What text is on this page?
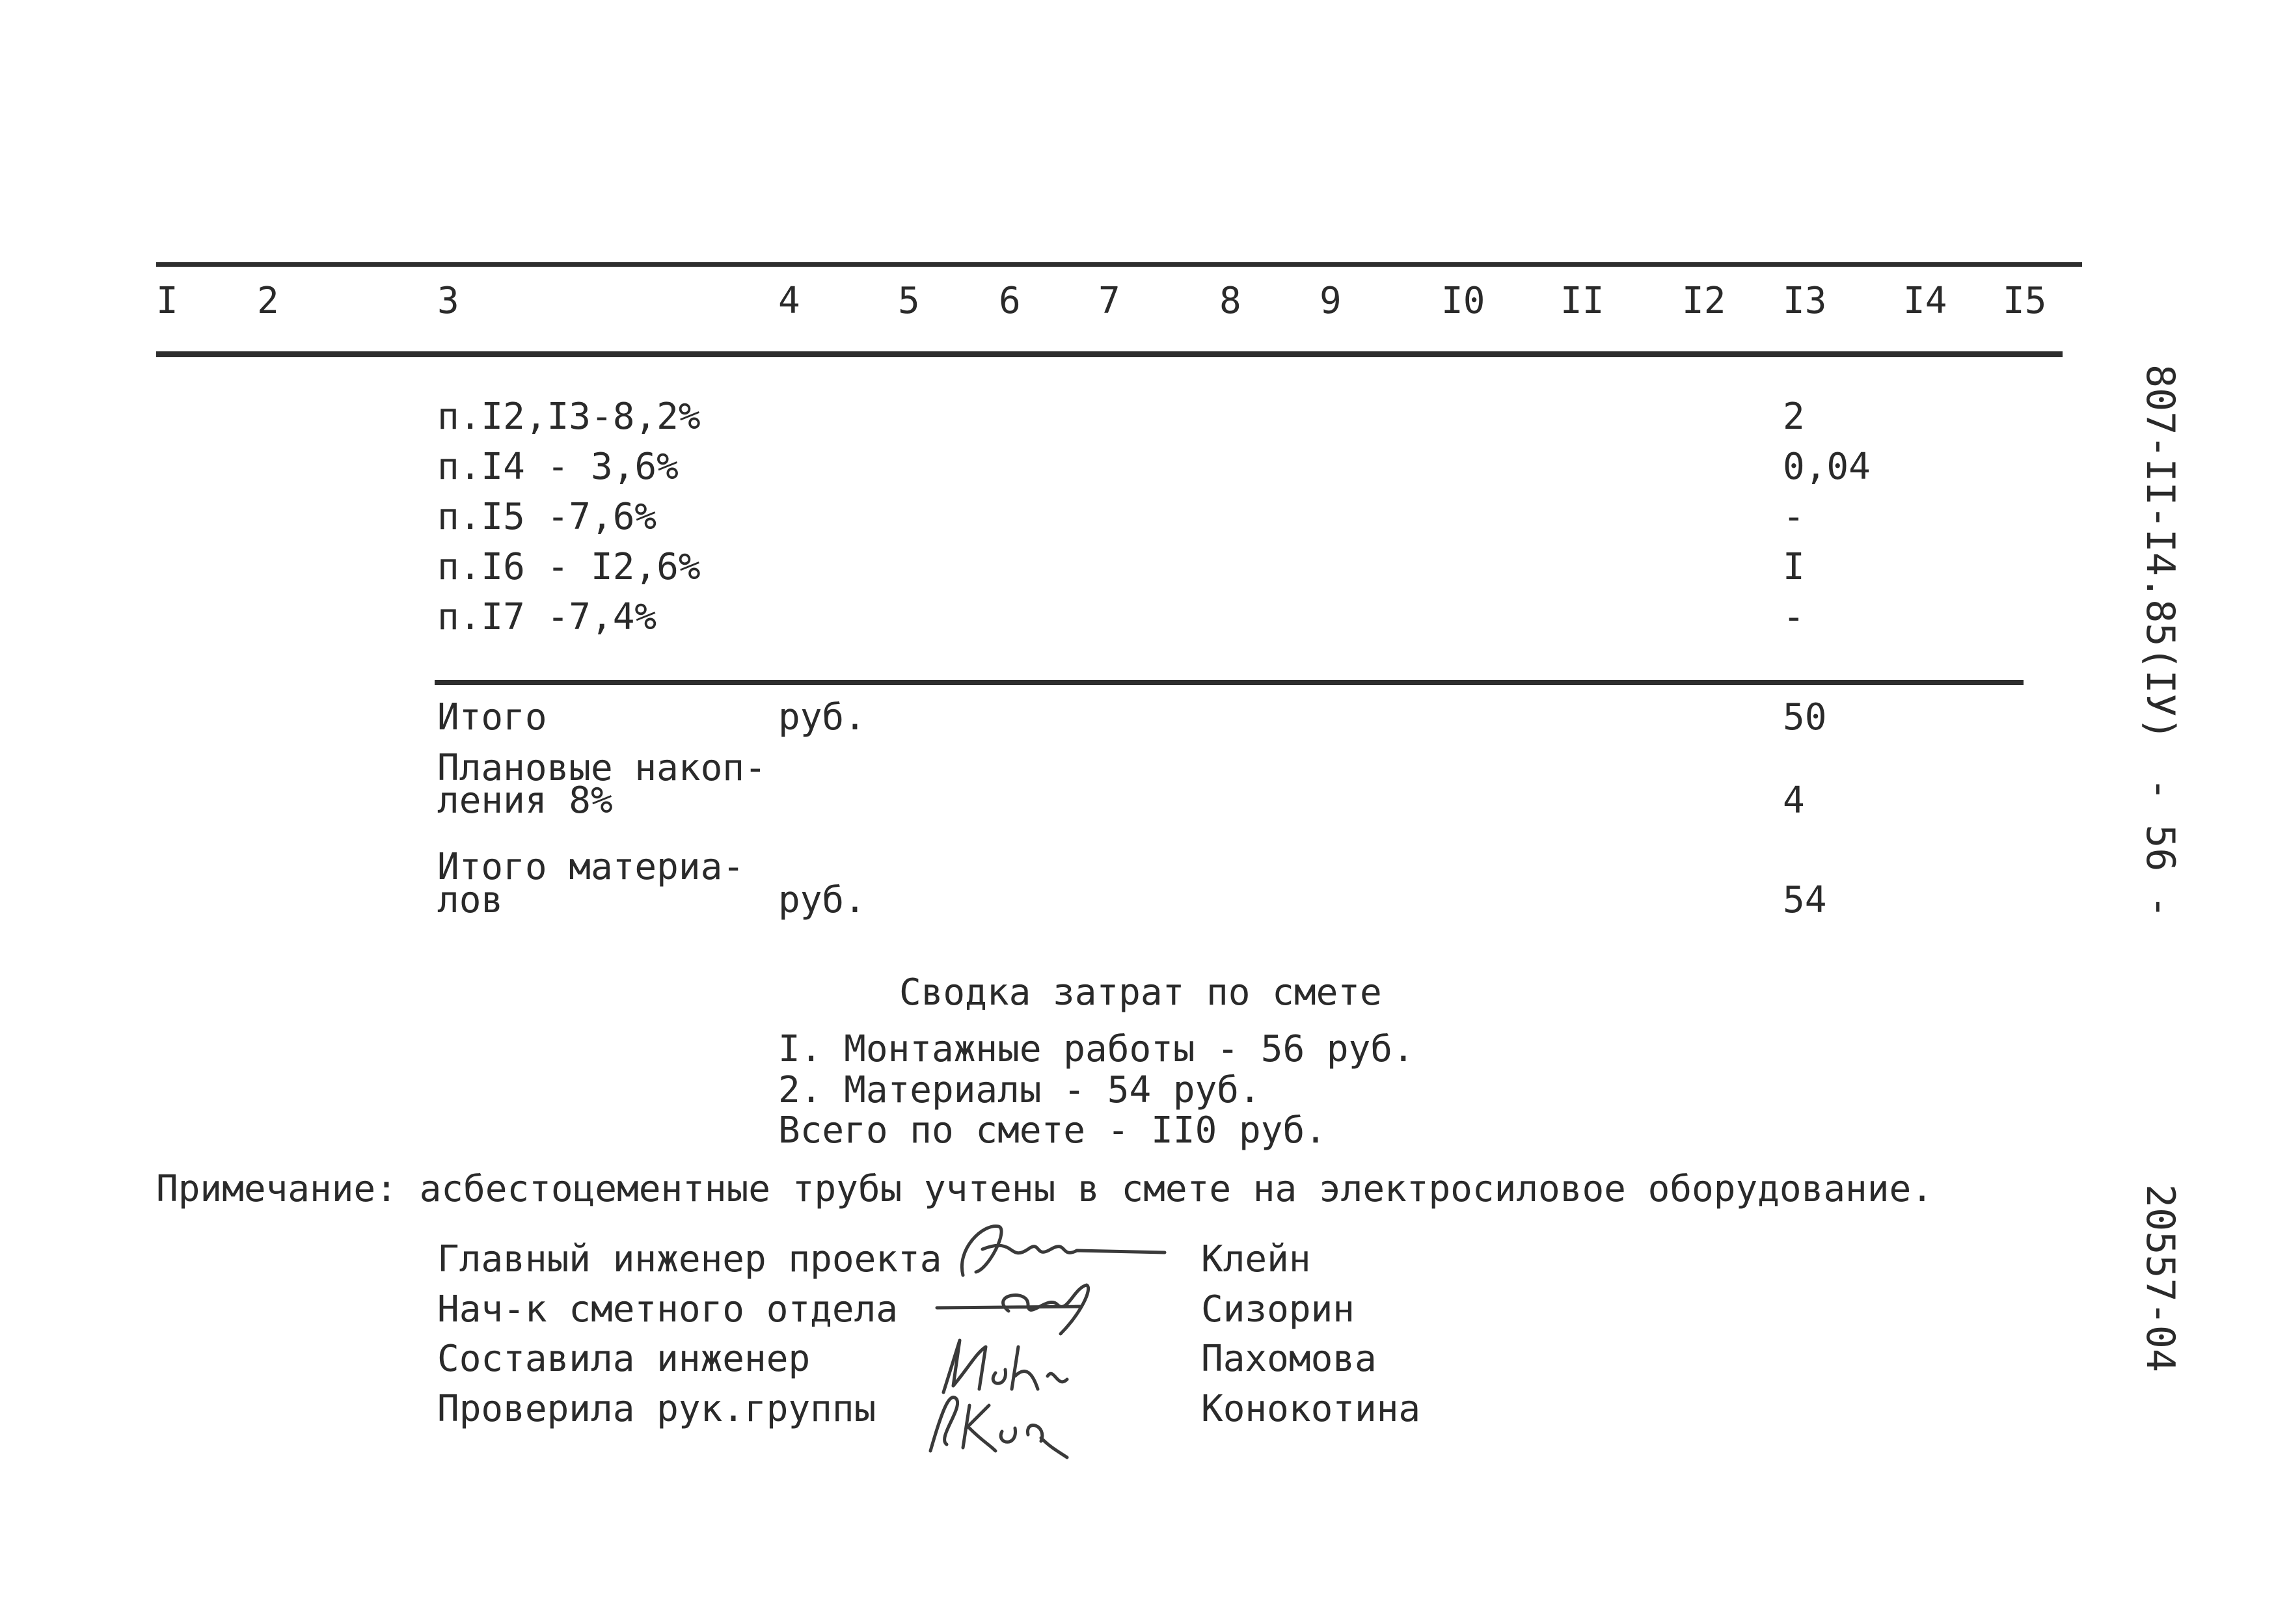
I 2	3	4	5 6 7	8 9	I0 II I2 I3 I4 I5
п.I2,I3-8,2%	2
п.I4 - 3,6%	0,04
п.I5 -7,6%	-
п.I6 - I2,6%	I
п.I7 -7,4%	-
Итого	руб.	50
Плановые накоп-
ления 8%	4
Итого материа-
лов	руб.	54
Сводка затрат по смете
I. Монтажные работы - 56 руб.
2. Материалы - 54 руб.
Всего по смете - II0 руб.
Примечание: асбестоцементные трубы учтены в смете на электросиловое оборудование.
Главный инженер проекта	Клейн
Нач-к сметного отдела	Сизорин
Составила инженер	Пахомова
Проверила рук.группы	Конокотина
807-II-I4.85(IУ)
- 56 -
20557-04
